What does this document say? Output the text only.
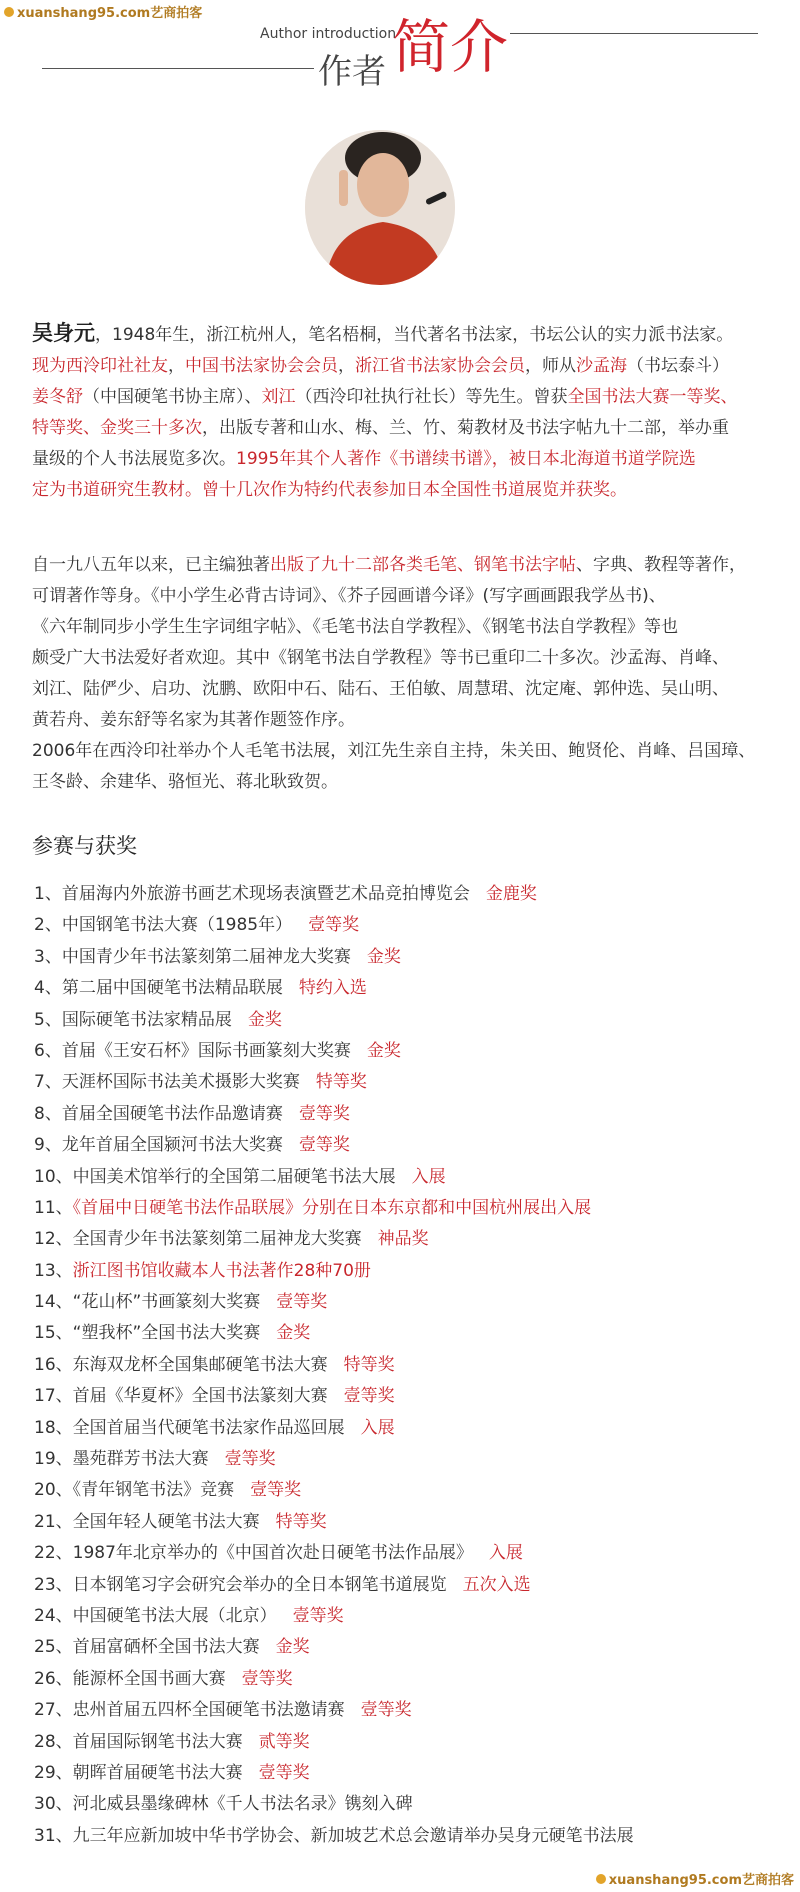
xuanshang95.com艺商拍客
Author introduction
作者 简介
吴身元，1948年生，浙江杭州人，笔名梧桐，当代著名书法家，书坛公认的实力派书法家。
现为西泠印社社友，中国书法家协会会员，浙江省书法家协会会员，师从沙孟海（书坛泰斗）
姜冬舒（中国硬笔书协主席）、刘江（西泠印社执行社长）等先生。曾获全国书法大赛一等奖、
特等奖、金奖三十多次，出版专著和山水、梅、兰、竹、菊教材及书法字帖九十二部，举办重
量级的个人书法展览多次。1995年其个人著作《书谱续书谱》，被日本北海道书道学院选
定为书道研究生教材。曾十几次作为特约代表参加日本全国性书道展览并获奖。
自一九八五年以来，已主编独著出版了九十二部各类毛笔、钢笔书法字帖、字典、教程等著作，
可谓著作等身。《中小学生必背古诗词》、《芥子园画谱今译》(写字画画跟我学丛书)、
《六年制同步小学生生字词组字帖》、《毛笔书法自学教程》、《钢笔书法自学教程》等也
颇受广大书法爱好者欢迎。其中《钢笔书法自学教程》等书已重印二十多次。沙孟海、肖峰、
刘江、陆俨少、启功、沈鹏、欧阳中石、陆石、王伯敏、周慧珺、沈定庵、郭仲选、吴山明、
黄若舟、姜东舒等名家为其著作题签作序。
2006年在西泠印社举办个人毛笔书法展，刘江先生亲自主持，朱关田、鲍贤伦、肖峰、吕国璋、
王冬龄、余建华、骆恒光、蒋北耿致贺。
参赛与获奖
1、首届海内外旅游书画艺术现场表演暨艺术品竞拍博览会 金鹿奖
2、中国钢笔书法大赛（1985年） 壹等奖
3、中国青少年书法篆刻第二届神龙大奖赛 金奖
4、第二届中国硬笔书法精品联展 特约入选
5、国际硬笔书法家精品展 金奖
6、首届《王安石杯》国际书画篆刻大奖赛 金奖
7、天涯杯国际书法美术摄影大奖赛 特等奖
8、首届全国硬笔书法作品邀请赛 壹等奖
9、龙年首届全国颍河书法大奖赛 壹等奖
10、中国美术馆举行的全国第二届硬笔书法大展 入展
11、《首届中日硬笔书法作品联展》分别在日本东京都和中国杭州展出入展
12、全国青少年书法篆刻第二届神龙大奖赛 神品奖
13、浙江图书馆收藏本人书法著作28种70册
14、“花山杯”书画篆刻大奖赛 壹等奖
15、“塑我杯”全国书法大奖赛 金奖
16、东海双龙杯全国集邮硬笔书法大赛 特等奖
17、首届《华夏杯》全国书法篆刻大赛 壹等奖
18、全国首届当代硬笔书法家作品巡回展 入展
19、墨苑群芳书法大赛 壹等奖
20、《青年钢笔书法》竞赛 壹等奖
21、全国年轻人硬笔书法大赛 特等奖
22、1987年北京举办的《中国首次赴日硬笔书法作品展》 入展
23、日本钢笔习字会研究会举办的全日本钢笔书道展览 五次入选
24、中国硬笔书法大展（北京） 壹等奖
25、首届富硒杯全国书法大赛 金奖
26、能源杯全国书画大赛 壹等奖
27、忠州首届五四杯全国硬笔书法邀请赛 壹等奖
28、首届国际钢笔书法大赛 贰等奖
29、朝晖首届硬笔书法大赛 壹等奖
30、河北威县墨缘碑林《千人书法名录》镌刻入碑
31、九三年应新加坡中华书学协会、新加坡艺术总会邀请举办吴身元硬笔书法展
xuanshang95.com艺商拍客
